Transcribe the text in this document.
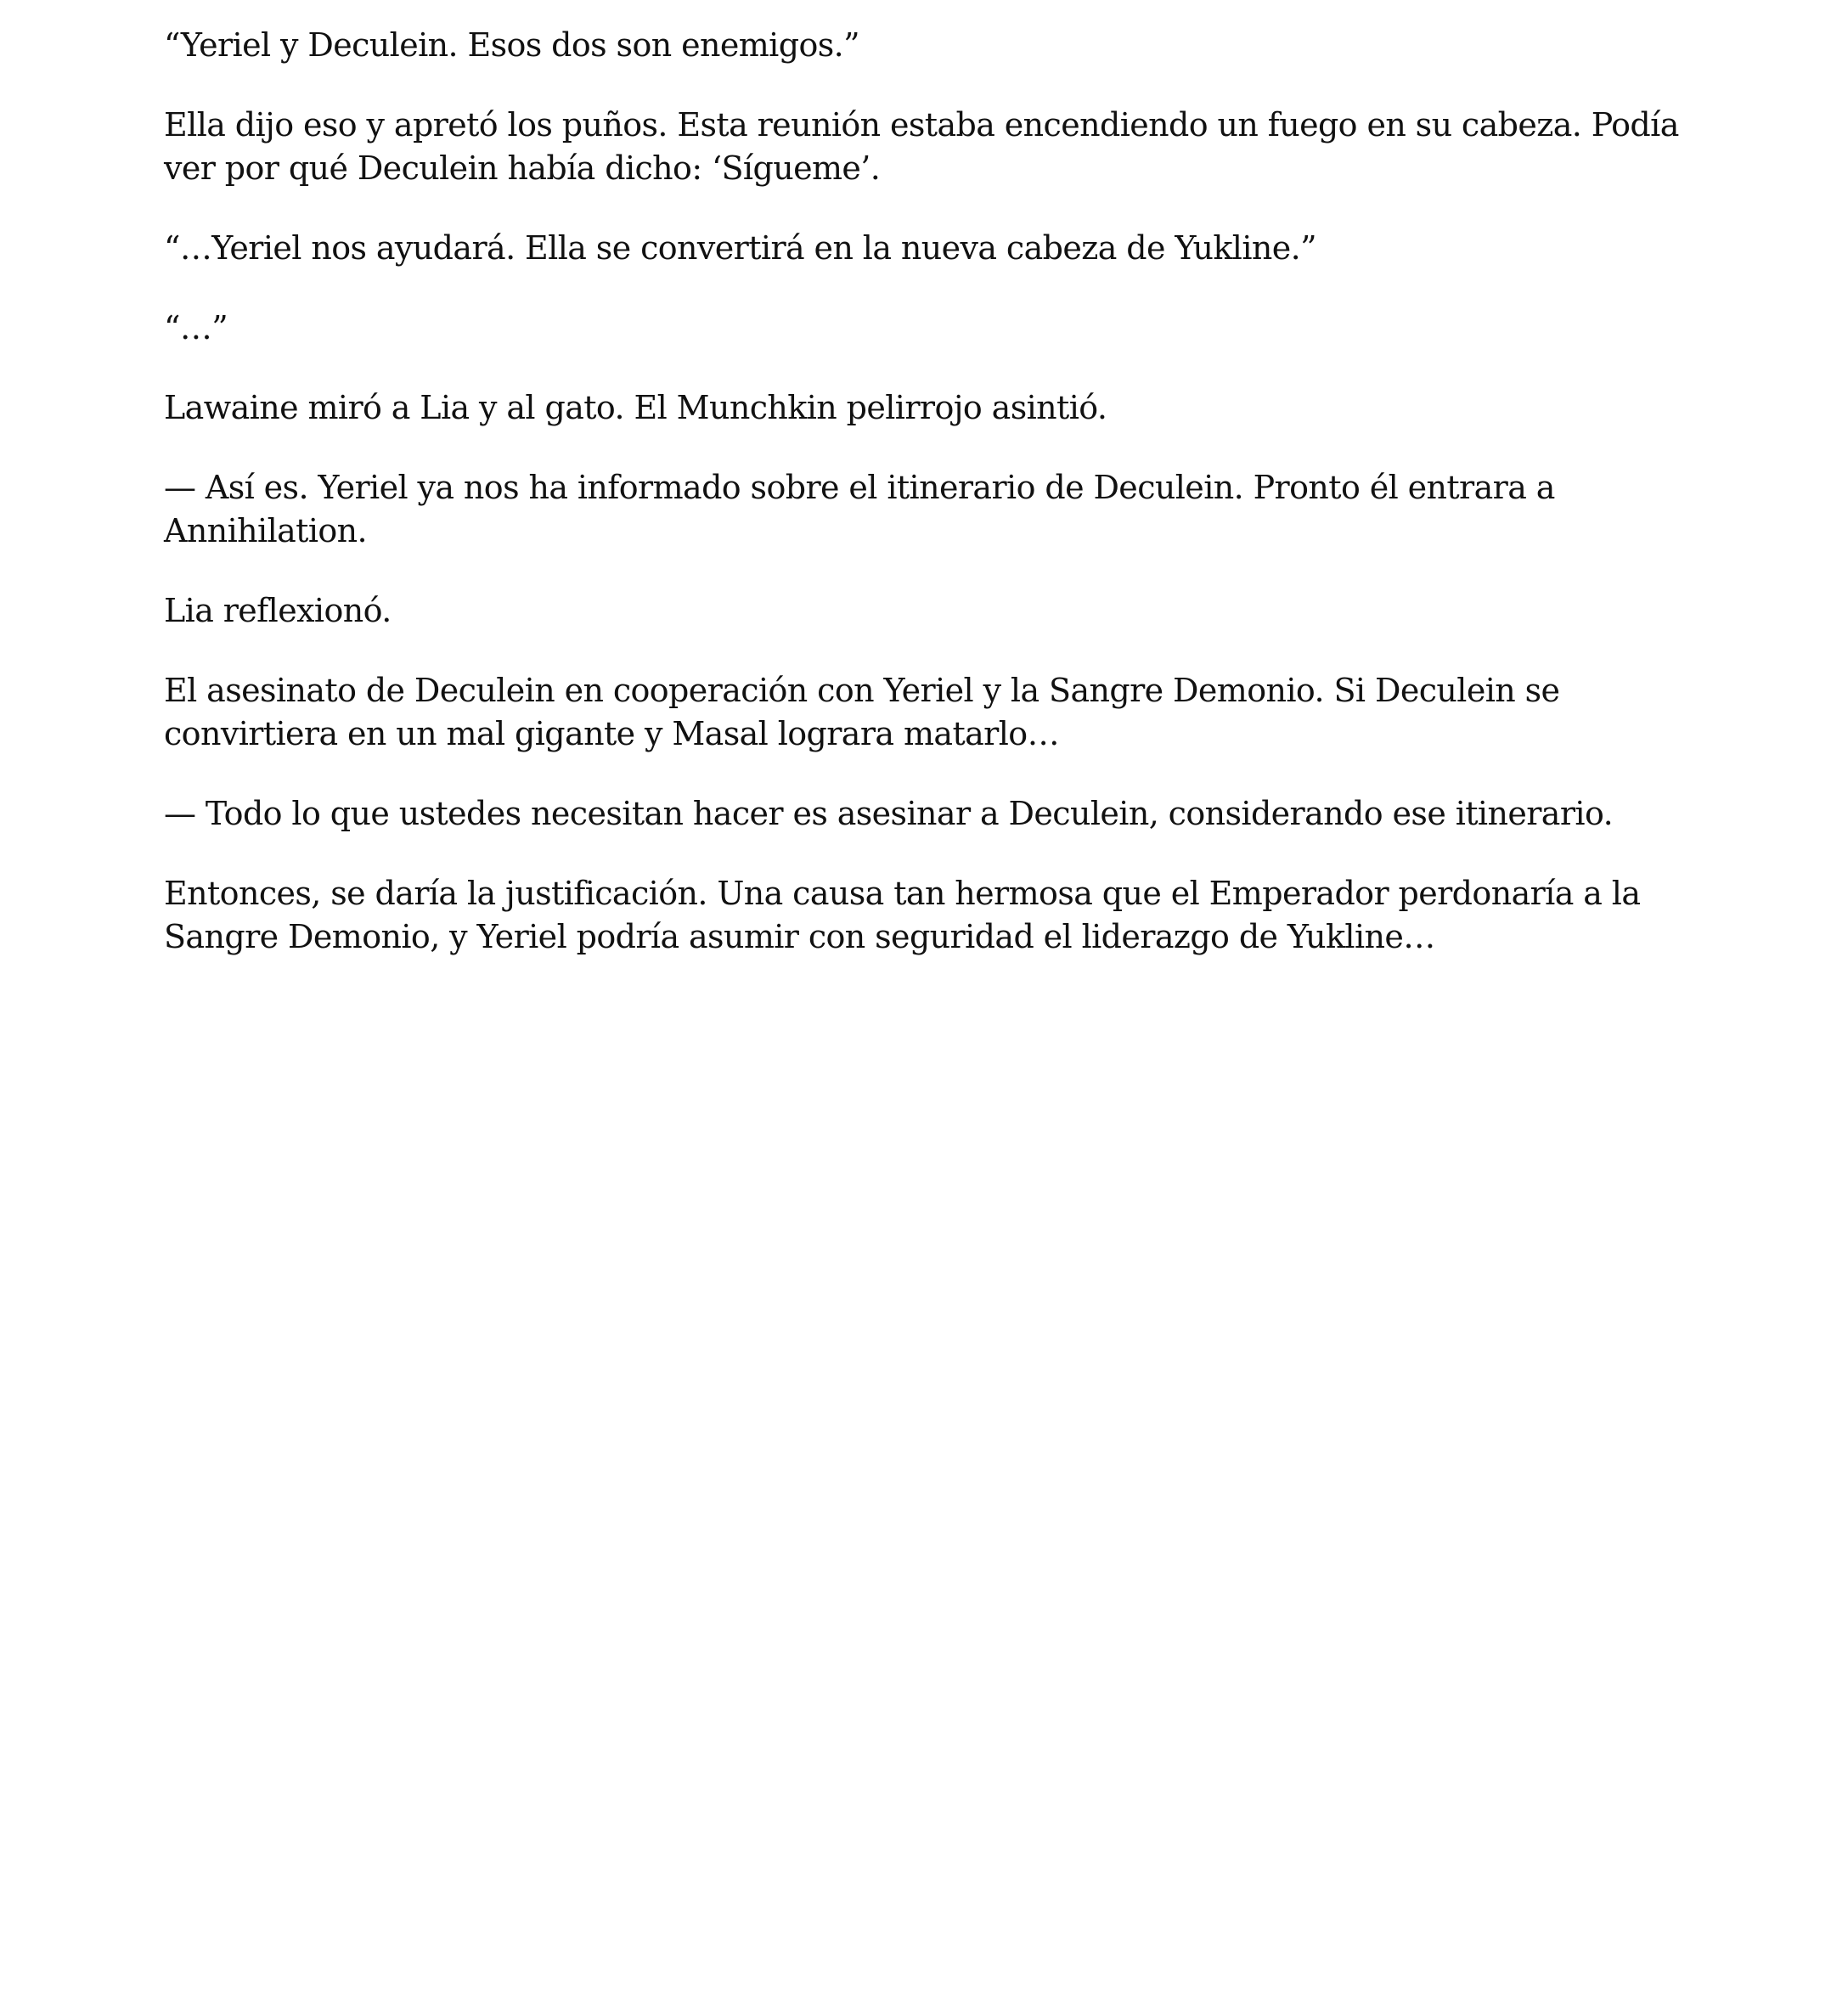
“Yeriel y Deculein. Esos dos son enemigos.”

Ella dijo eso y apretó los puños. Esta reunión estaba encendiendo un fuego en su cabeza. Podía ver por qué Deculein había dicho: ‘Sígueme’.

“…Yeriel nos ayudará. Ella se convertirá en la nueva cabeza de Yukline.”

“…”

Lawaine miró a Lia y al gato. El Munchkin pelirrojo asintió.

— Así es. Yeriel ya nos ha informado sobre el itinerario de Deculein. Pronto él entrara a Annihilation.

Lia reflexionó.

El asesinato de Deculein en cooperación con Yeriel y la Sangre Demonio. Si Deculein se convirtiera en un mal gigante y Masal lograra matarlo…

— Todo lo que ustedes necesitan hacer es asesinar a Deculein, considerando ese itinerario.

Entonces, se daría la justificación. Una causa tan hermosa que el Emperador perdonaría a la Sangre Demonio, y Yeriel podría asumir con seguridad el liderazgo de Yukline…
